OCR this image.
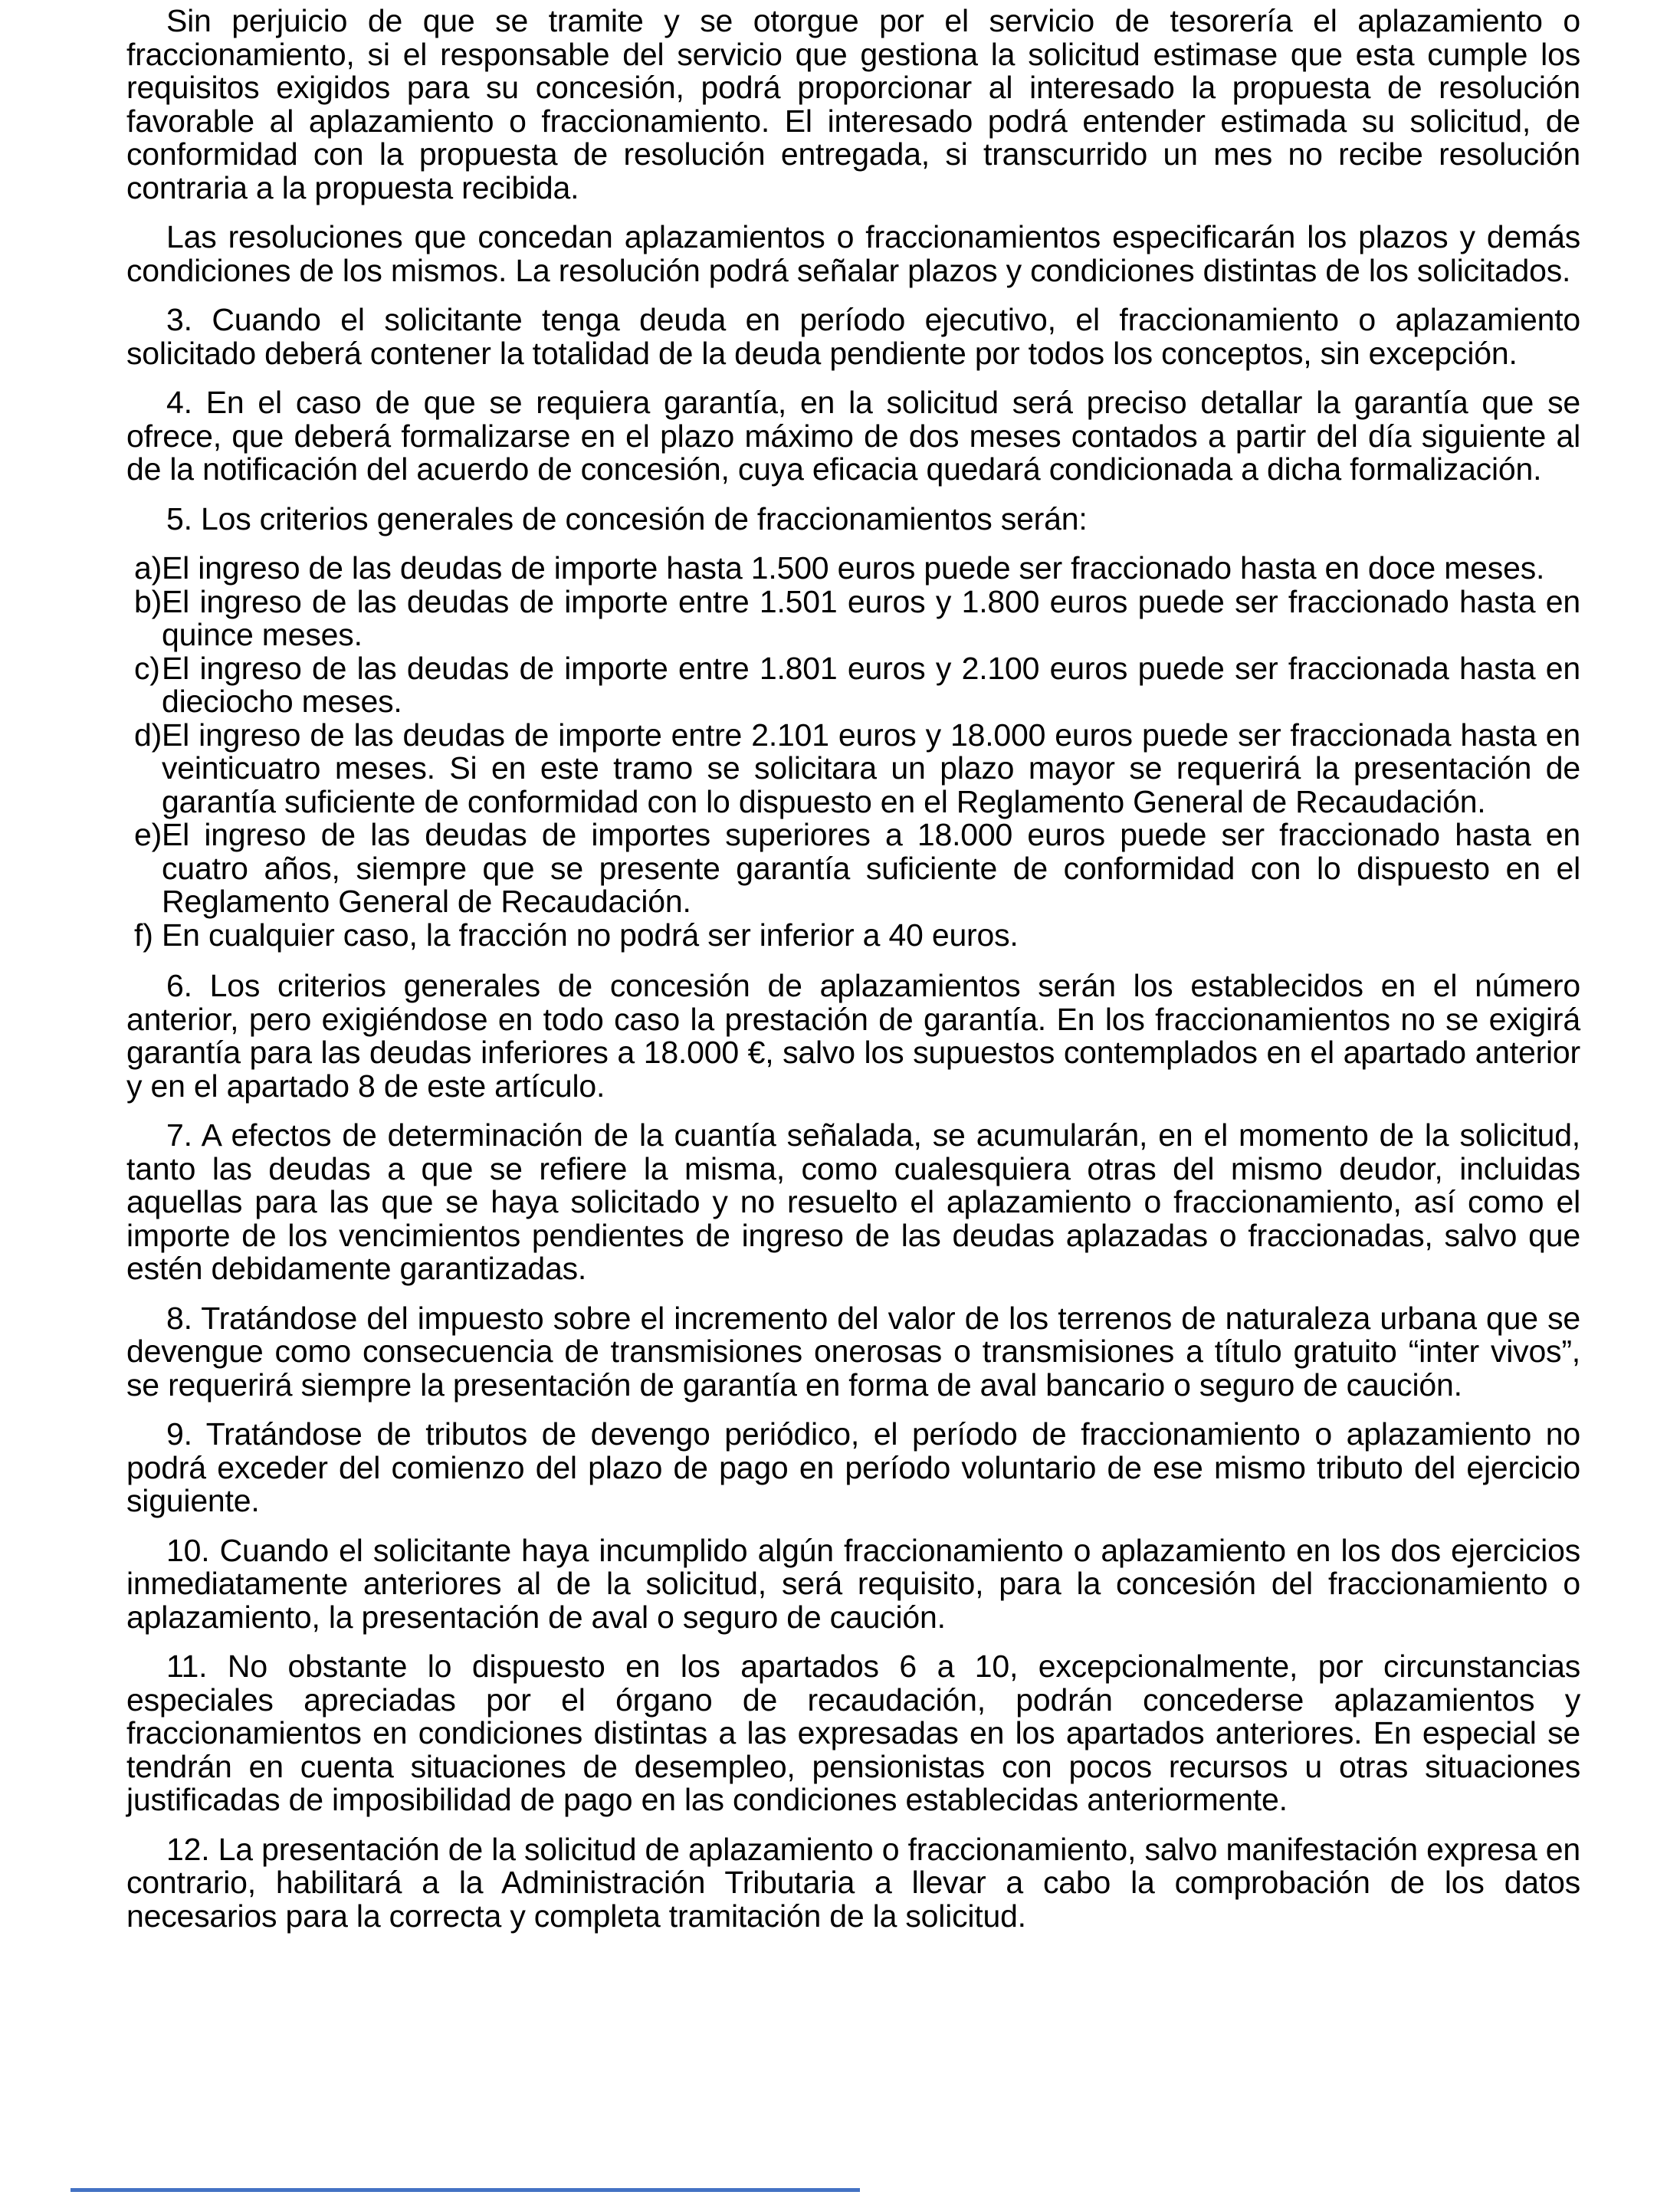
Sin perjuicio de que se tramite y se otorgue por el servicio de tesorería el aplazamiento o fraccionamiento, si el responsable del servicio que gestiona la solicitud estimase que esta cumple los requisitos exigidos para su concesión, podrá proporcionar al interesado la propuesta de resolución favorable al aplazamiento o fraccionamiento. El interesado podrá entender estimada su solicitud, de conformidad con la propuesta de resolución entregada, si transcurrido un mes no recibe resolución contraria a la propuesta recibida.

Las resoluciones que concedan aplazamientos o fraccionamientos especificarán los plazos y demás condiciones de los mismos. La resolución podrá señalar plazos y condiciones distintas de los solicitados.

3. Cuando el solicitante tenga deuda en período ejecutivo, el fraccionamiento o aplazamiento solicitado deberá contener la totalidad de la deuda pendiente por todos los conceptos, sin excepción.

4. En el caso de que se requiera garantía, en la solicitud será preciso detallar la garantía que se ofrece, que deberá formalizarse en el plazo máximo de dos meses contados a partir del día siguiente al de la notificación del acuerdo de concesión, cuya eficacia quedará condicionada a dicha formalización.

5. Los criterios generales de concesión de fraccionamientos serán:

a) El ingreso de las deudas de importe hasta 1.500 euros puede ser fraccionado hasta en doce meses.
b) El ingreso de las deudas de importe entre 1.501 euros y 1.800 euros puede ser fraccionado hasta en quince meses.
c) El ingreso de las deudas de importe entre 1.801 euros y 2.100 euros puede ser fraccionada hasta en dieciocho meses.
d) El ingreso de las deudas de importe entre 2.101 euros y 18.000 euros puede ser fraccionada hasta en veinticuatro meses. Si en este tramo se solicitara un plazo mayor se requerirá la presentación de garantía suficiente de conformidad con lo dispuesto en el Reglamento General de Recaudación.
e) El ingreso de las deudas de importes superiores a 18.000 euros puede ser fraccionado hasta en cuatro años, siempre que se presente garantía suficiente de conformidad con lo dispuesto en el Reglamento General de Recaudación.
f) En cualquier caso, la fracción no podrá ser inferior a 40 euros.

6. Los criterios generales de concesión de aplazamientos serán los establecidos en el número anterior, pero exigiéndose en todo caso la prestación de garantía. En los fraccionamientos no se exigirá garantía para las deudas inferiores a 18.000 €, salvo los supuestos contemplados en el apartado anterior y en el apartado 8 de este artículo.

7. A efectos de determinación de la cuantía señalada, se acumularán, en el momento de la solicitud, tanto las deudas a que se refiere la misma, como cualesquiera otras del mismo deudor, incluidas aquellas para las que se haya solicitado y no resuelto el aplazamiento o fraccionamiento, así como el importe de los vencimientos pendientes de ingreso de las deudas aplazadas o fraccionadas, salvo que estén debidamente garantizadas.

8. Tratándose del impuesto sobre el incremento del valor de los terrenos de naturaleza urbana que se devengue como consecuencia de transmisiones onerosas o transmisiones a título gratuito “inter vivos”, se requerirá siempre la presentación de garantía en forma de aval bancario o seguro de caución.

9. Tratándose de tributos de devengo periódico, el período de fraccionamiento o aplazamiento no podrá exceder del comienzo del plazo de pago en período voluntario de ese mismo tributo del ejercicio siguiente.

10. Cuando el solicitante haya incumplido algún fraccionamiento o aplazamiento en los dos ejercicios inmediatamente anteriores al de la solicitud, será requisito, para la concesión del fraccionamiento o aplazamiento, la presentación de aval o seguro de caución.

11. No obstante lo dispuesto en los apartados 6 a 10, excepcionalmente, por circunstancias especiales apreciadas por el órgano de recaudación, podrán concederse aplazamientos y fraccionamientos en condiciones distintas a las expresadas en los apartados anteriores. En especial se tendrán en cuenta situaciones de desempleo, pensionistas con pocos recursos u otras situaciones justificadas de imposibilidad de pago en las condiciones establecidas anteriormente.

12. La presentación de la solicitud de aplazamiento o fraccionamiento, salvo manifestación expresa en contrario, habilitará a la Administración Tributaria a llevar a cabo la comprobación de los datos necesarios para la correcta y completa tramitación de la solicitud.
